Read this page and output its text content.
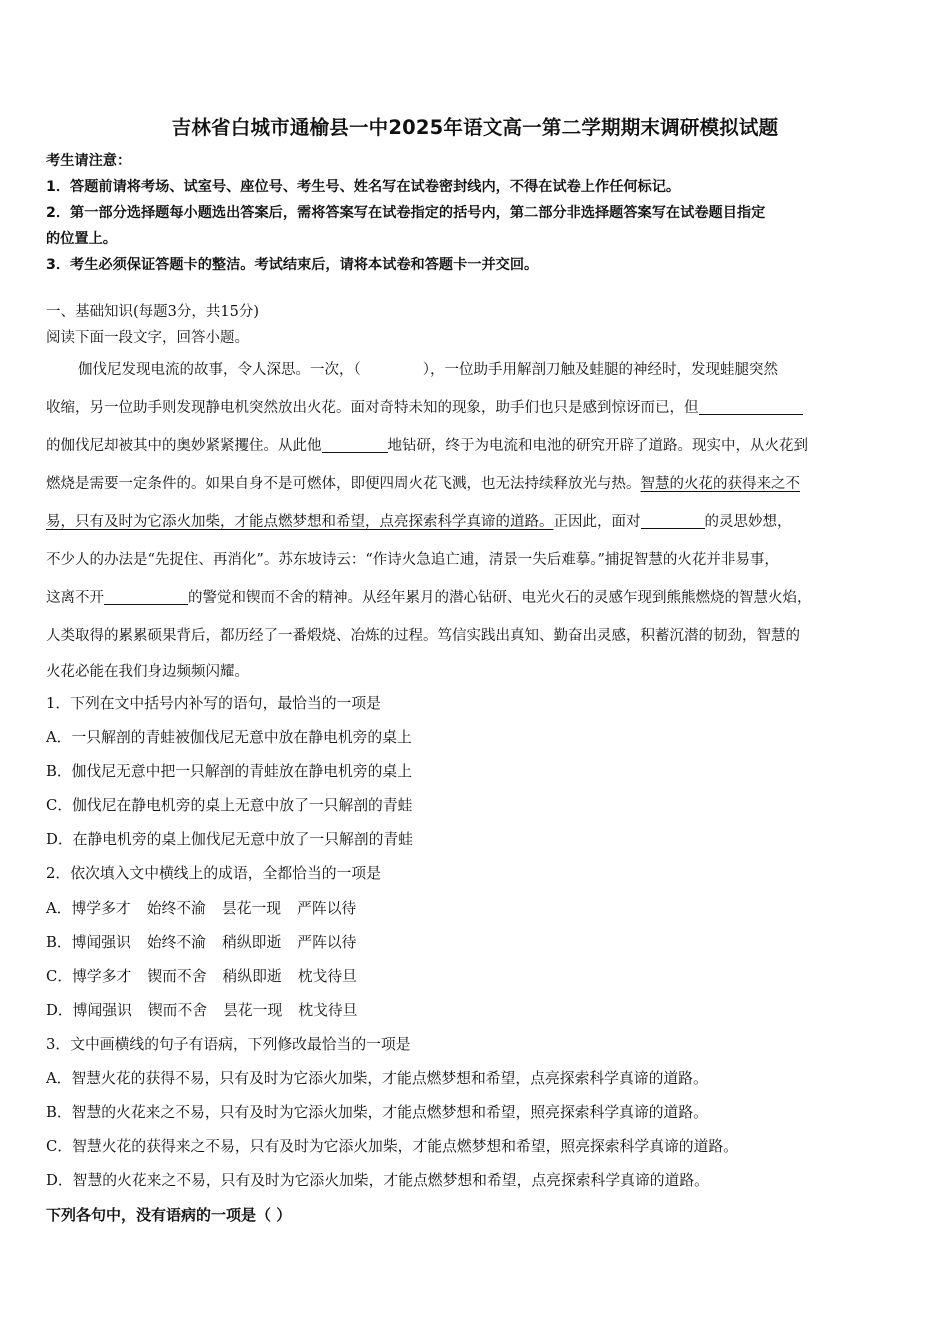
吉林省白城市通榆县一中2025年语文高一第二学期期末调研模拟试题
考生请注意：
1．答题前请将考场、试室号、座位号、考生号、姓名写在试卷密封线内，不得在试卷上作任何标记。
2．第一部分选择题每小题选出答案后，需将答案写在试卷指定的括号内，第二部分非选择题答案写在试卷题目指定
的位置上。
3．考生必须保证答题卡的整洁。考试结束后，请将本试卷和答题卡一并交回。
一、基础知识(每题3分，共15分)
阅读下面一段文字，回答小题。
伽伐尼发现电流的故事，令人深思。一次，（	），一位助手用解剖刀触及蛙腿的神经时，发现蛙腿突然
收缩，另一位助手则发现静电机突然放出火花。面对奇特未知的现象，助手们也只是感到惊讶而已，但
的伽伐尼却被其中的奥妙紧紧攫住。从此他	地钻研，终于为电流和电池的研究开辟了道路。现实中，从火花到
燃烧是需要一定条件的。如果自身不是可燃体，即便四周火花飞溅，也无法持续释放光与热。智慧的火花的获得来之不
易，只有及时为它添火加柴，才能点燃梦想和希望，点亮探索科学真谛的道路。正因此，面对	的灵思妙想，
不少人的办法是“先捉住、再消化”。苏东坡诗云：“作诗火急追亡逋，清景一失后难摹。”捕捉智慧的火花并非易事，
这离不开	的警觉和锲而不舍的精神。从经年累月的潜心钻研、电光火石的灵感乍现到熊熊燃烧的智慧火焰，
人类取得的累累硕果背后，都历经了一番煅烧、冶炼的过程。笃信实践出真知、勤奋出灵感，积蓄沉潜的韧劲，智慧的
火花必能在我们身边频频闪耀。
1．下列在文中括号内补写的语句，最恰当的一项是
A．一只解剖的青蛙被伽伐尼无意中放在静电机旁的桌上
B．伽伐尼无意中把一只解剖的青蛙放在静电机旁的桌上
C．伽伐尼在静电机旁的桌上无意中放了一只解剖的青蛙
D．在静电机旁的桌上伽伐尼无意中放了一只解剖的青蛙
2．依次填入文中横线上的成语，全都恰当的一项是
A．博学多才 始终不渝 昙花一现 严阵以待
B．博闻强识 始终不渝 稍纵即逝 严阵以待
C．博学多才 锲而不舍 稍纵即逝 枕戈待旦
D．博闻强识 锲而不舍 昙花一现 枕戈待旦
3．文中画横线的句子有语病，下列修改最恰当的一项是
A．智慧火花的获得不易，只有及时为它添火加柴，才能点燃梦想和希望，点亮探索科学真谛的道路。
B．智慧的火花来之不易，只有及时为它添火加柴，才能点燃梦想和希望，照亮探索科学真谛的道路。
C．智慧火花的获得来之不易，只有及时为它添火加柴，才能点燃梦想和希望，照亮探索科学真谛的道路。
D．智慧的火花来之不易，只有及时为它添火加柴，才能点燃梦想和希望，点亮探索科学真谛的道路。
下列各句中，没有语病的一项是（ ）
